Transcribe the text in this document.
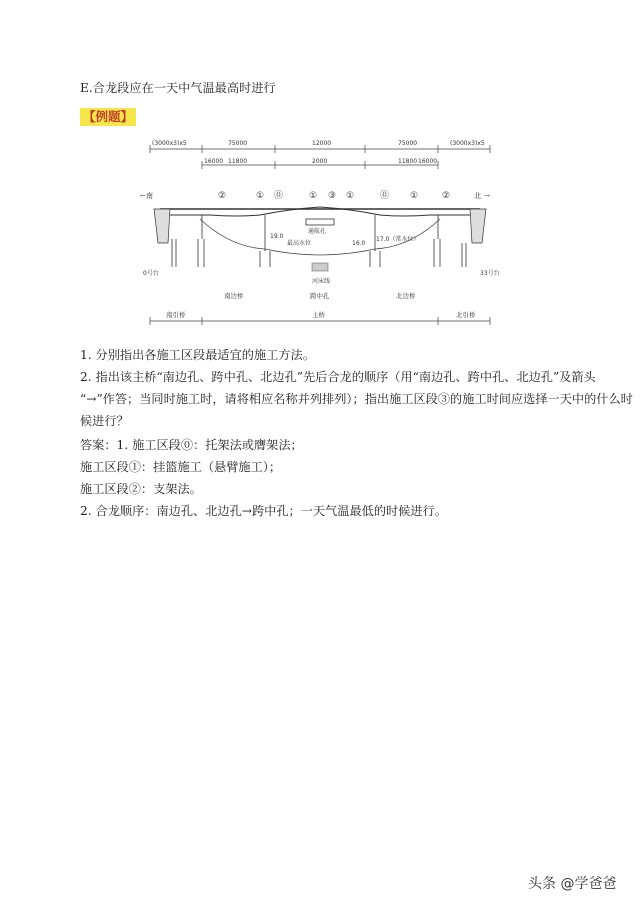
E.合龙段应在一天中气温最高时进行
【例题】
(3000x3)x5	75000	12000	75000	(3000x3)x5
16000 11800	2000	11800 16000
南
←	北 →
②	① ⓪	① ③ ①	⓪ ①	②
通航孔
19.0
最高水位	16.0
17.0（常水位）
河床线
0号台	33号台
南边桥	跨中孔	北边桥
南引桥	主桥	北引桥
1. 分别指出各施工区段最适宜的施工方法。
2. 指出该主桥“南边孔、跨中孔、北边孔”先后合龙的顺序（用“南边孔、跨中孔、北边孔”及箭头
“→”作答；当同时施工时，请将相应名称并列排列）；指出施工区段③的施工时间应选择一天中的什么时
候进行？
答案：1. 施工区段⓪：托架法或膺架法；
施工区段①：挂篮施工（悬臂施工）；
施工区段②：支架法。
2. 合龙顺序：南边孔、北边孔→跨中孔；一天气温最低的时候进行。
头条 @学爸爸
